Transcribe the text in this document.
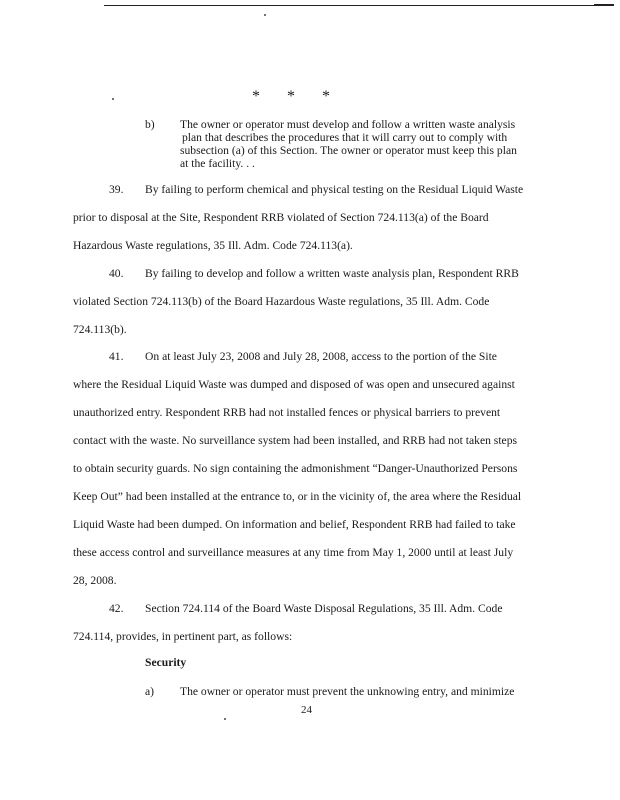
* * *
b) The owner or operator must develop and follow a written waste analysis
plan that describes the procedures that it will carry out to comply with
subsection (a) of this Section. The owner or operator must keep this plan
at the facility. . .
39. By failing to perform chemical and physical testing on the Residual Liquid Waste
prior to disposal at the Site, Respondent RRB violated of Section 724.113(a) of the Board
Hazardous Waste regulations, 35 Ill. Adm. Code 724.113(a).
40. By failing to develop and follow a written waste analysis plan, Respondent RRB
violated Section 724.113(b) of the Board Hazardous Waste regulations, 35 Ill. Adm. Code
724.113(b).
41. On at least July 23, 2008 and July 28, 2008, access to the portion of the Site
where the Residual Liquid Waste was dumped and disposed of was open and unsecured against
unauthorized entry. Respondent RRB had not installed fences or physical barriers to prevent
contact with the waste. No surveillance system had been installed, and RRB had not taken steps
to obtain security guards. No sign containing the admonishment “Danger-Unauthorized Persons
Keep Out” had been installed at the entrance to, or in the vicinity of, the area where the Residual
Liquid Waste had been dumped. On information and belief, Respondent RRB had failed to take
these access control and surveillance measures at any time from May 1, 2000 until at least July
28, 2008.
42. Section 724.114 of the Board Waste Disposal Regulations, 35 Ill. Adm. Code
724.114, provides, in pertinent part, as follows:
Security
a) The owner or operator must prevent the unknowing entry, and minimize
24
